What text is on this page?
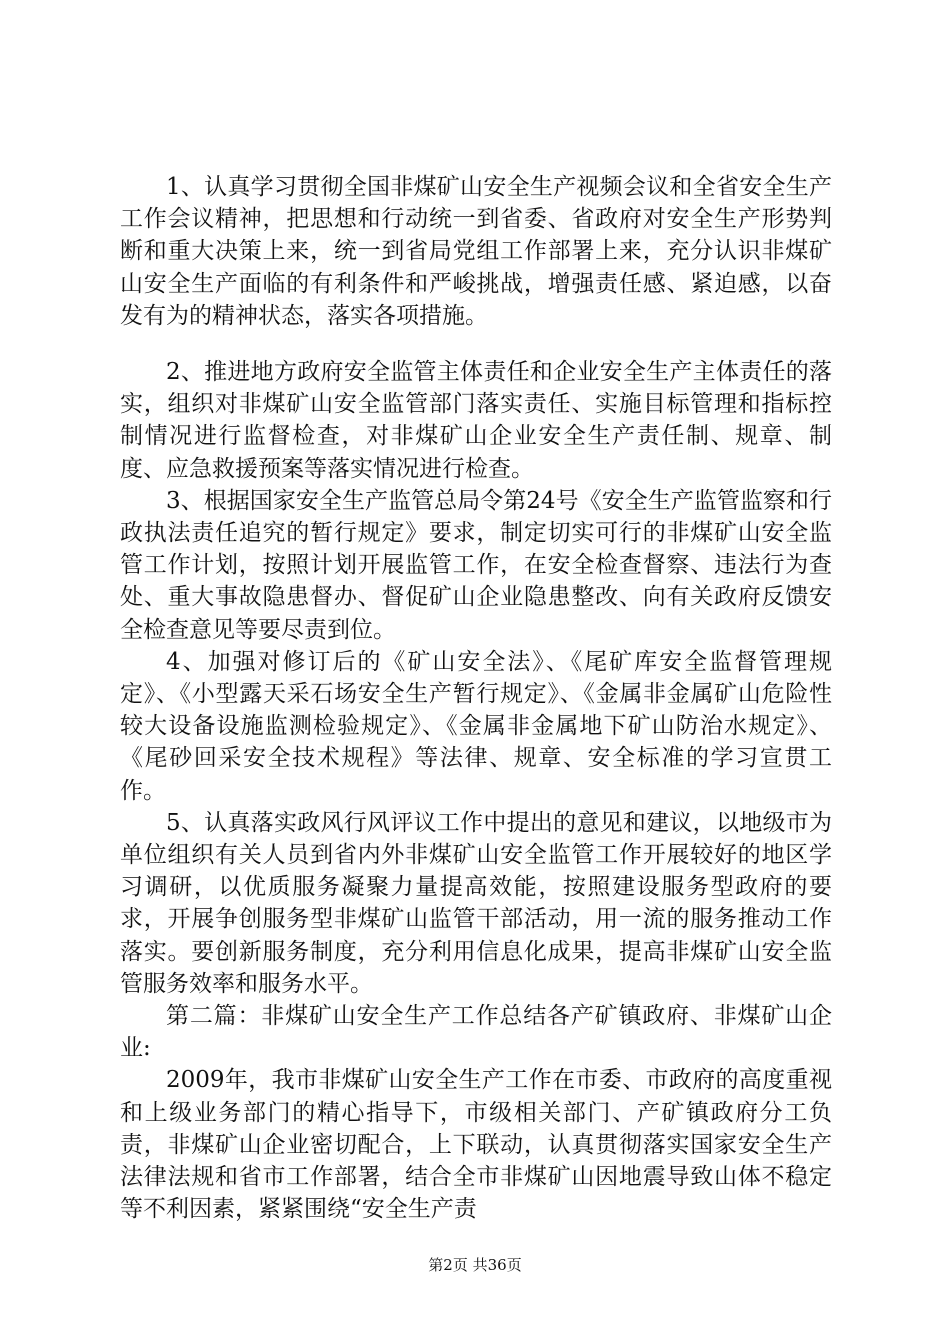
1、认真学习贯彻全国非煤矿山安全生产视频会议和全省安全生产工作会议精神，把思想和行动统一到省委、省政府对安全生产形势判断和重大决策上来，统一到省局党组工作部署上来，充分认识非煤矿山安全生产面临的有利条件和严峻挑战，增强责任感、紧迫感，以奋发有为的精神状态，落实各项措施。

2、推进地方政府安全监管主体责任和企业安全生产主体责任的落实，组织对非煤矿山安全监管部门落实责任、实施目标管理和指标控制情况进行监督检查，对非煤矿山企业安全生产责任制、规章、制度、应急救援预案等落实情况进行检查。

3、根据国家安全生产监管总局令第24号《安全生产监管监察和行政执法责任追究的暂行规定》要求，制定切实可行的非煤矿山安全监管工作计划，按照计划开展监管工作，在安全检查督察、违法行为查处、重大事故隐患督办、督促矿山企业隐患整改、向有关政府反馈安全检查意见等要尽责到位。

4、加强对修订后的《矿山安全法》、《尾矿库安全监督管理规定》、《小型露天采石场安全生产暂行规定》、《金属非金属矿山危险性较大设备设施监测检验规定》、《金属非金属地下矿山防治水规定》、《尾砂回采安全技术规程》等法律、规章、安全标准的学习宣贯工作。

5、认真落实政风行风评议工作中提出的意见和建议，以地级市为单位组织有关人员到省内外非煤矿山安全监管工作开展较好的地区学习调研，以优质服务凝聚力量提高效能，按照建设服务型政府的要求，开展争创服务型非煤矿山监管干部活动，用一流的服务推动工作落实。要创新服务制度，充分利用信息化成果，提高非煤矿山安全监管服务效率和服务水平。

第二篇：非煤矿山安全生产工作总结各产矿镇政府、非煤矿山企业:

2009年，我市非煤矿山安全生产工作在市委、市政府的高度重视和上级业务部门的精心指导下，市级相关部门、产矿镇政府分工负责，非煤矿山企业密切配合，上下联动，认真贯彻落实国家安全生产法律法规和省市工作部署，结合全市非煤矿山因地震导致山体不稳定等不利因素，紧紧围绕“安全生产责

第2页 共36页
